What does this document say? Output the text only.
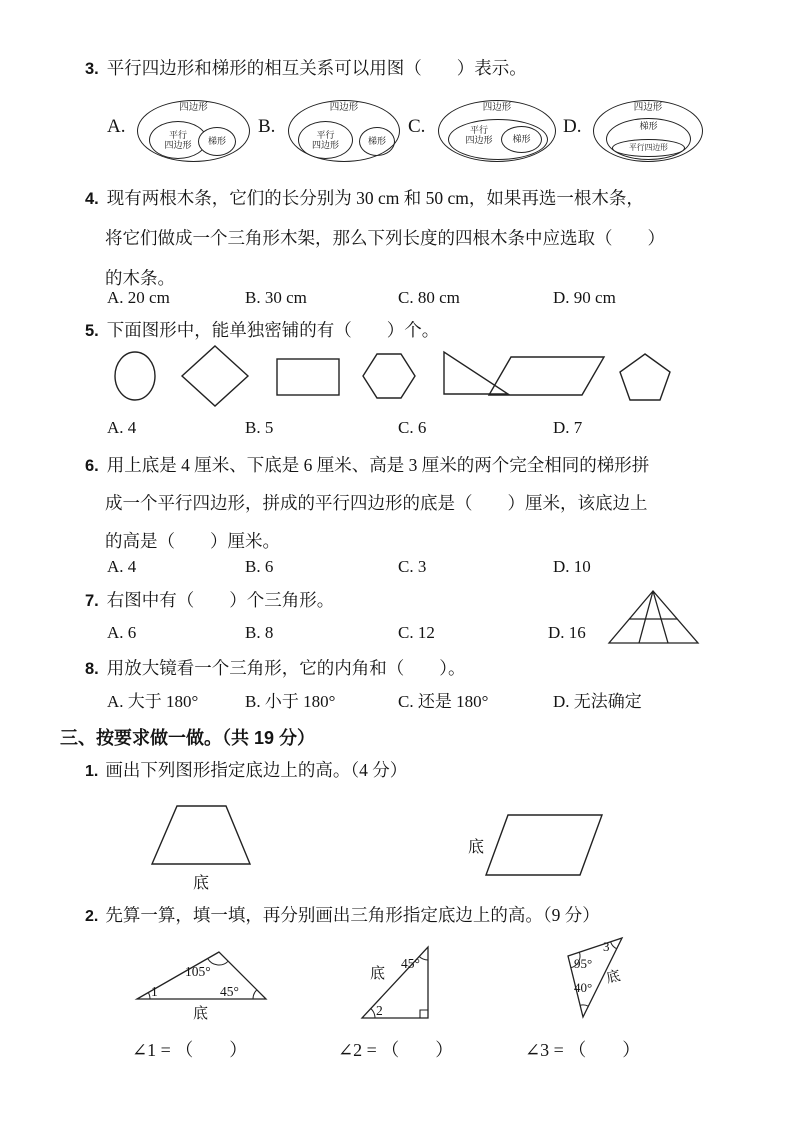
3. 平行四边形和梯形的相互关系可以用图（　　）表示。
A.
四边形
平行
四边形 梯形
B.
四边形
平行
四边形	梯形
C.
四边形
平行
四边形	梯形
D.
四边形
梯形
平行四边形
4. 现有两根木条，它们的长分别为 30 cm 和 50 cm，如果再选一根木条，
将它们做成一个三角形木架，那么下列长度的四根木条中应选取（　　）
的木条。
A. 20 cm	B. 30 cm	C. 80 cm	D. 90 cm
5. 下面图形中，能单独密铺的有（　　）个。
A. 4	B. 5	C. 6	D. 7
6. 用上底是 4 厘米、下底是 6 厘米、高是 3 厘米的两个完全相同的梯形拼
成一个平行四边形，拼成的平行四边形的底是（　　）厘米，该底边上
的高是（　　）厘米。
A. 4	B. 6	C. 3	D. 10
7. 右图中有（　　）个三角形。
A. 6	B. 8	C. 12	D. 16
8. 用放大镜看一个三角形，它的内角和（　　）。
A. 大于 180°	B. 小于 180°	C. 还是 180°	D. 无法确定
三、按要求做一做。（共 19 分）
1. 画出下列图形指定底边上的高。（4 分）
底
底
2. 先算一算，填一填，再分别画出三角形指定底边上的高。（9 分）
105°
1	45°
底	2
45°
底
95°
3
40°
底
∠1 = （　　）	∠2 = （　　）	∠3 = （　　）
